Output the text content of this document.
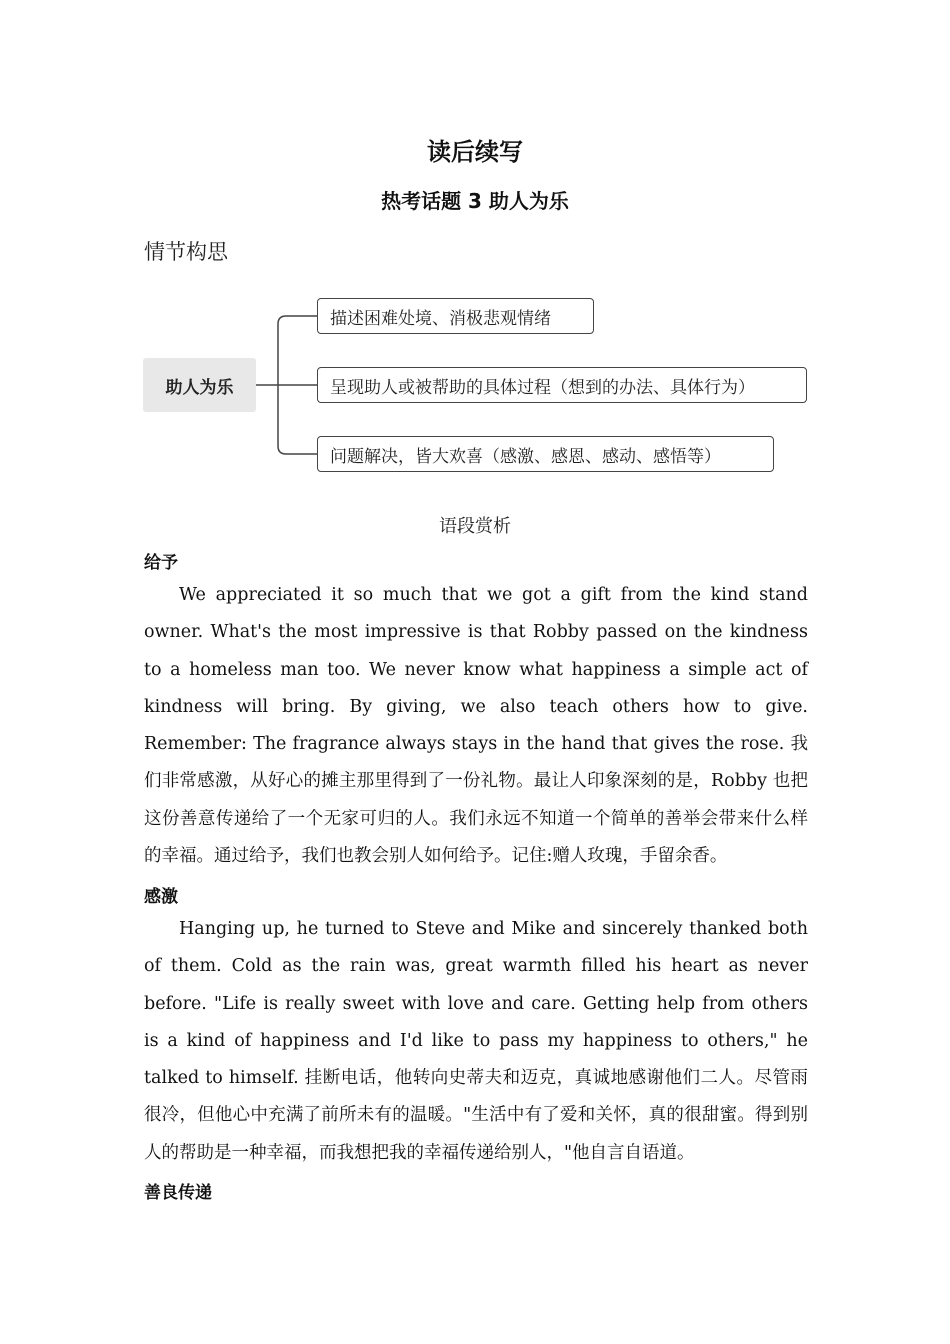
读后续写
热考话题 3 助人为乐
情节构思
助人为乐
描述困难处境、消极悲观情绪
呈现助人或被帮助的具体过程（想到的办法、具体行为）
问题解决，皆大欢喜（感激、感恩、感动、感悟等）
语段赏析
给予
We appreciated it so much that we got a gift from the kind stand owner. What's the most impressive is that Robby passed on the kindness to a homeless man too. We never know what happiness a simple act of kindness will bring. By giving, we also teach others how to give. Remember: The fragrance always stays in the hand that gives the rose. 我们非常感激，从好心的摊主那里得到了一份礼物。最让人印象深刻的是，Robby 也把这份善意传递给了一个无家可归的人。我们永远不知道一个简单的善举会带来什么样的幸福。通过给予，我们也教会别人如何给予。记住:赠人玫瑰，手留余香。
感激
Hanging up, he turned to Steve and Mike and sincerely thanked both of them. Cold as the rain was, great warmth filled his heart as never before. "Life is really sweet with love and care. Getting help from others is a kind of happiness and I'd like to pass my happiness to others," he talked to himself. 挂断电话，他转向史蒂夫和迈克，真诚地感谢他们二人。尽管雨很冷，但他心中充满了前所未有的温暖。"生活中有了爱和关怀，真的很甜蜜。得到别人的帮助是一种幸福，而我想把我的幸福传递给别人，"他自言自语道。
善良传递
